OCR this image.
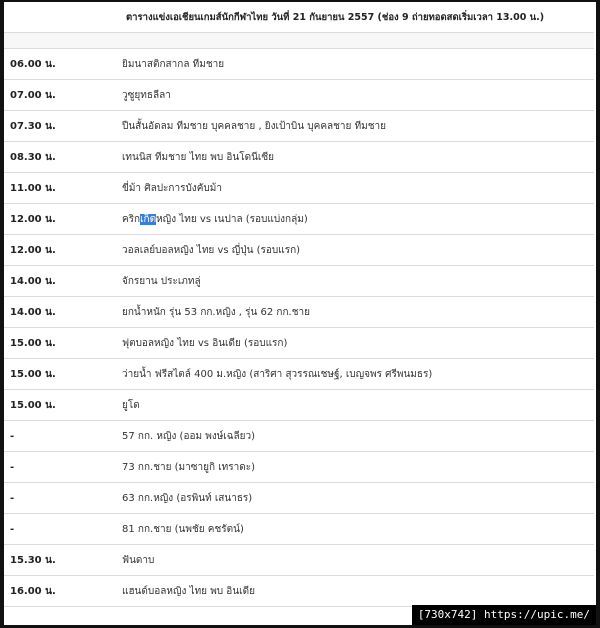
	ตารางแข่งเอเชียนเกมส์นักกีฬาไทย วันที่ 21 กันยายน 2557 (ช่อง 9 ถ่ายทอดสดเริ่มเวลา 13.00 น.)

06.00 น.	ยิมนาสติกสากล ทีมชาย
07.00 น.	วูซูยุทธลีลา
07.30 น.	ปืนสั้นอัดลม ทีมชาย บุคคลชาย , ยิงเป้าบิน บุคคลชาย ทีมชาย
08.30 น.	เทนนิส ทีมชาย ไทย พบ อินโดนีเซีย
11.00 น.	ขี่ม้า ศิลปะการบังคับม้า
12.00 น.	คริกเก็ตหญิง ไทย vs เนปาล (รอบแบ่งกลุ่ม)
12.00 น.	วอลเลย์บอลหญิง ไทย vs ญี่ปุ่น (รอบแรก)
14.00 น.	จักรยาน ประเภทลู่
14.00 น.	ยกน้ำหนัก รุ่น 53 กก.หญิง , รุ่น 62 กก.ชาย
15.00 น.	ฟุตบอลหญิง ไทย vs อินเดีย (รอบแรก)
15.00 น.	ว่ายน้ำ ฟรีสไตล์ 400 ม.หญิง (สาริศา สุวรรณเชษฐ์, เบญจพร ศรีพนมธร)
15.00 น.	ยูโด
-	57 กก. หญิง (ออม พงษ์เฉลียว)
-	73 กก.ชาย (มาซายูกิ เทราดะ)
-	63 กก.หญิง (อรพินท์ เสนาธร)
-	81 กก.ชาย (นพชัย คชรัตน์)
15.30 น.	ฟันดาบ
16.00 น.	แฮนด์บอลหญิง ไทย พบ อินเดีย
[730x742] https://upic.me/
